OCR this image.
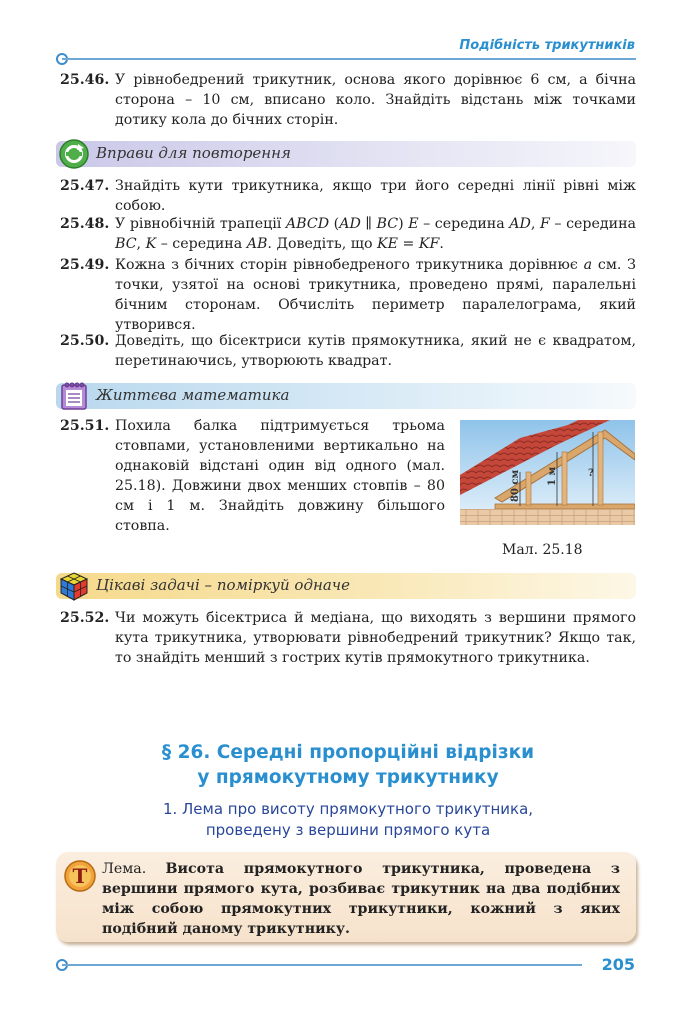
Подібність трикутників
25.46. У рівнобедрений трикутник, основа якого дорівнює 6 см, а бічна сторона – 10 см, вписано коло. Знайдіть відстань між точками дотику кола до бічних сторін.
Вправи для повторення
25.47. Знайдіть кути трикутника, якщо три його середні лінії рівні між собою.
25.48. У рівнобічній трапеції ABCD (AD ∥ BC) E – середина AD, F – середина BC, K – середина AB. Доведіть, що KE = KF.
25.49. Кожна з бічних сторін рівнобедреного трикутника дорівнює a см. З точки, узятої на основі трикутника, проведено прямі, паралельні бічним сторонам. Обчисліть периметр паралелограма, який утворився.
25.50. Доведіть, що бісектриси кутів прямокутника, який не є квадратом, перетинаючись, утворюють квадрат.
Життєва математика
25.51. Похила балка підтримується трьома стовпами, установленими вертикально на однаковій відстані один від одного (мал. 25.18). Довжини двох менших стовпів – 80 см і 1 м. Знайдіть довжину більшого стовпа.
80 см	1 м	?
Мал. 25.18
Цікаві задачі – поміркуй одначе
25.52. Чи можуть бісектриса й медіана, що виходять з вершини прямого кута трикутника, утворювати рівнобедрений трикутник? Якщо так, то знайдіть менший з гострих кутів прямокутного трикутника.
§ 26. Середні пропорційні відрізки
у прямокутному трикутнику
1. Лема про висоту прямокутного трикутника,
проведену з вершини прямого кута
Т Лема. Висота прямокутного трикутника, проведена з вершини прямого кута, розбиває трикутник на два подібних між собою прямокутних трикутники, кожний з яких подібний даному трикутнику.
205
